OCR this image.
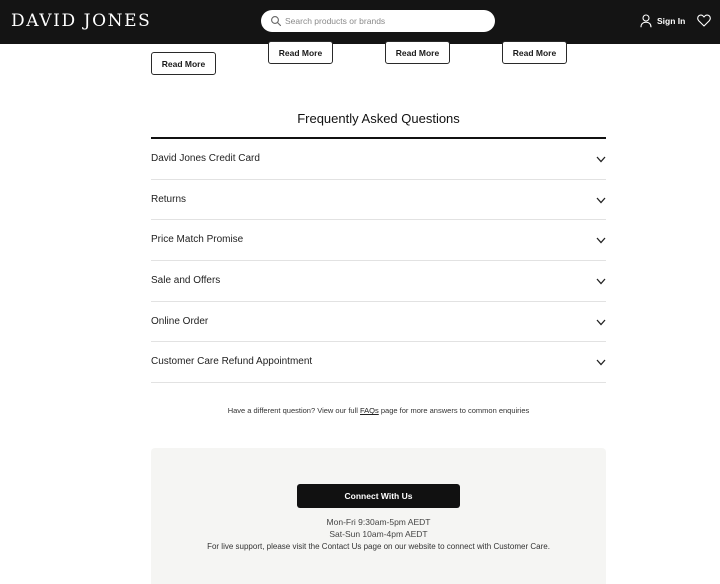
DAVID JONES
Search products or brands	Sign In
Read More
Read More	Read More	Read More
Frequently Asked Questions
David Jones Credit Card
Returns
Price Match Promise
Sale and Offers
Online Order
Customer Care Refund Appointment
Have a different question? View our full FAQs page for more answers to common enquiries
Connect With Us
Mon-Fri 9:30am-5pm AEDT
Sat-Sun 10am-4pm AEDT
For live support, please visit the Contact Us page on our website to connect with Customer Care.
